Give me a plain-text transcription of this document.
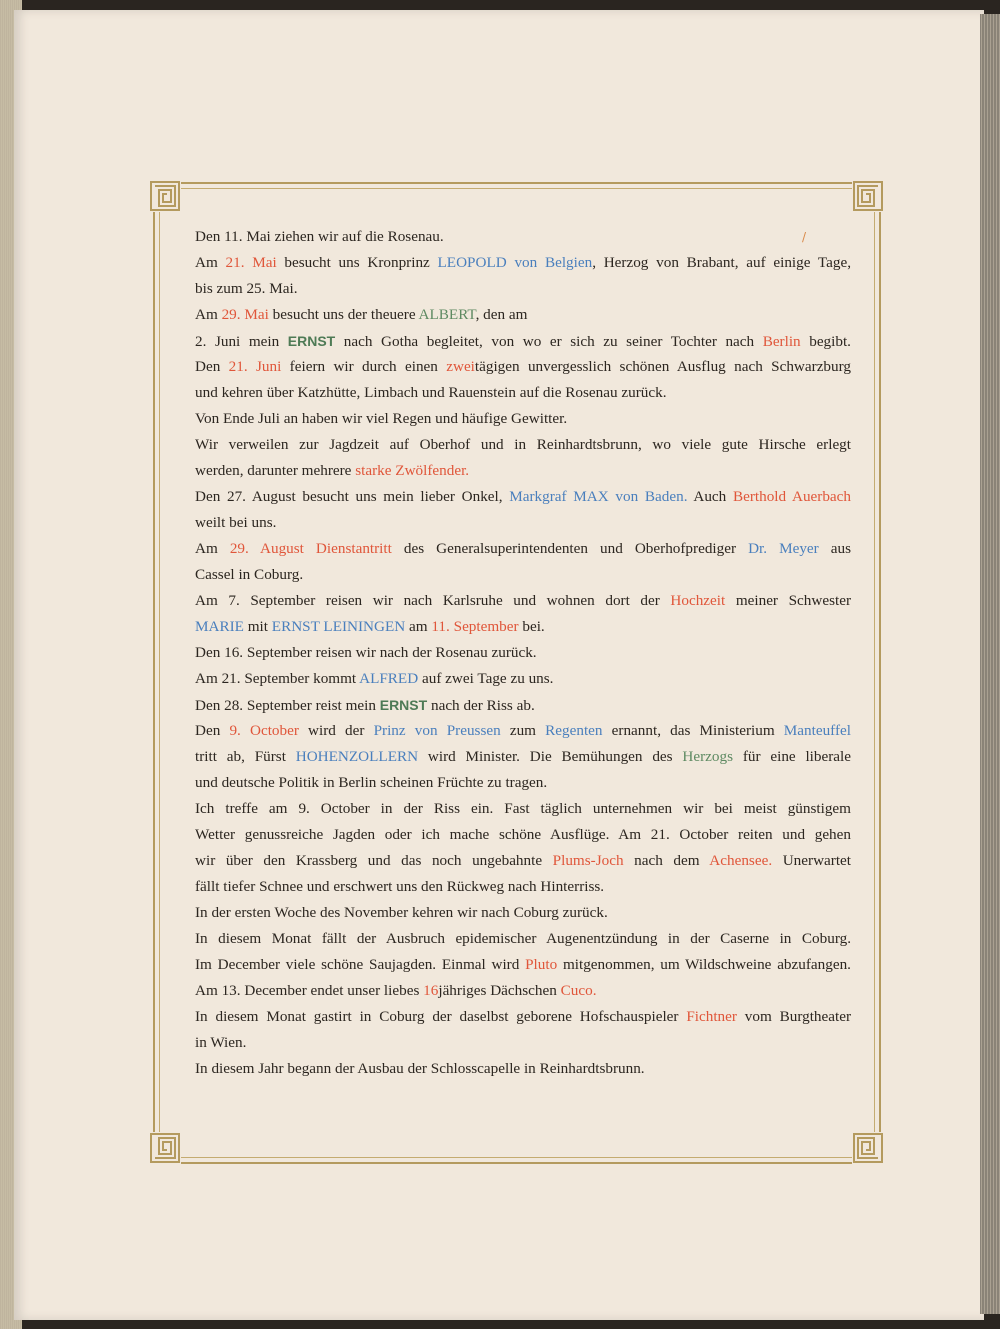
/
Den 11. Mai ziehen wir auf die Rosenau.
Am 21. Mai besucht uns Kronprinz LEOPOLD von Belgien, Herzog von Brabant, auf einige Tage,
bis zum 25. Mai.
Am 29. Mai besucht uns der theuere ALBERT, den am
2. Juni mein ERNST nach Gotha begleitet, von wo er sich zu seiner Tochter nach Berlin begibt.
Den 21. Juni feiern wir durch einen zweitägigen unvergesslich schönen Ausflug nach Schwarzburg
und kehren über Katzhütte, Limbach und Rauenstein auf die Rosenau zurück.
Von Ende Juli an haben wir viel Regen und häufige Gewitter.
Wir verweilen zur Jagdzeit auf Oberhof und in Reinhardtsbrunn, wo viele gute Hirsche erlegt
werden, darunter mehrere starke Zwölfender.
Den 27. August besucht uns mein lieber Onkel, Markgraf MAX von Baden. Auch Berthold Auerbach
weilt bei uns.
Am 29. August Dienstantritt des Generalsuperintendenten und Oberhofprediger Dr. Meyer aus
Cassel in Coburg.
Am 7. September reisen wir nach Karlsruhe und wohnen dort der Hochzeit meiner Schwester
MARIE mit ERNST LEININGEN am 11. September bei.
Den 16. September reisen wir nach der Rosenau zurück.
Am 21. September kommt ALFRED auf zwei Tage zu uns.
Den 28. September reist mein ERNST nach der Riss ab.
Den 9. October wird der Prinz von Preussen zum Regenten ernannt, das Ministerium Manteuffel
tritt ab, Fürst HOHENZOLLERN wird Minister. Die Bemühungen des Herzogs für eine liberale
und deutsche Politik in Berlin scheinen Früchte zu tragen.
Ich treffe am 9. October in der Riss ein. Fast täglich unternehmen wir bei meist günstigem
Wetter genussreiche Jagden oder ich mache schöne Ausflüge. Am 21. October reiten und gehen
wir über den Krassberg und das noch ungebahnte Plums-Joch nach dem Achensee. Unerwartet
fällt tiefer Schnee und erschwert uns den Rückweg nach Hinterriss.
In der ersten Woche des November kehren wir nach Coburg zurück.
In diesem Monat fällt der Ausbruch epidemischer Augenentzündung in der Caserne in Coburg.
Im December viele schöne Saujagden. Einmal wird Pluto mitgenommen, um Wildschweine abzufangen.
Am 13. December endet unser liebes 16jähriges Dächschen Cuco.
In diesem Monat gastirt in Coburg der daselbst geborene Hofschauspieler Fichtner vom Burgtheater
in Wien.
In diesem Jahr begann der Ausbau der Schlosscapelle in Reinhardtsbrunn.
